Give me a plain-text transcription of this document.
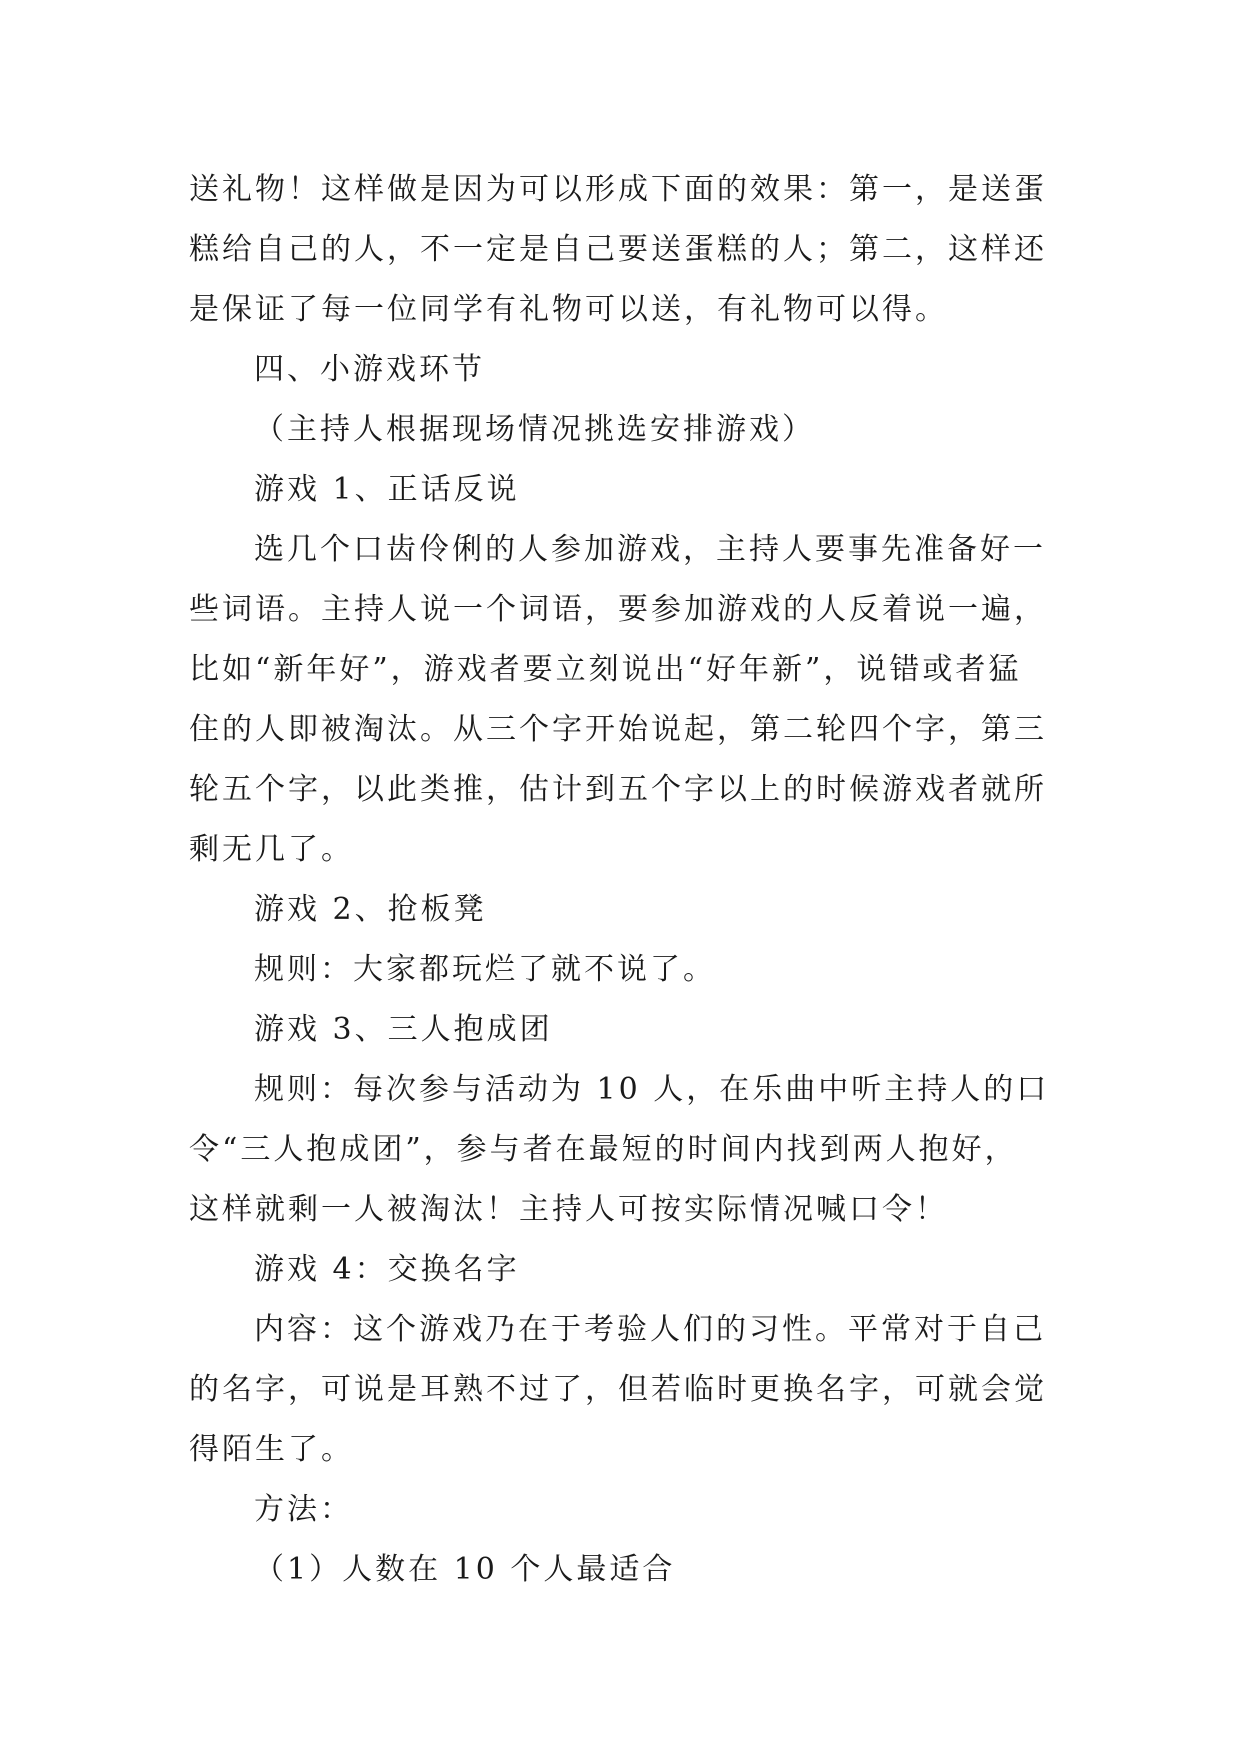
送礼物！这样做是因为可以形成下面的效果：第一，是送蛋
糕给自己的人，不一定是自己要送蛋糕的人；第二，这样还
是保证了每一位同学有礼物可以送，有礼物可以得。

四、小游戏环节

（主持人根据现场情况挑选安排游戏）

游戏 1、正话反说

选几个口齿伶俐的人参加游戏，主持人要事先准备好一
些词语。主持人说一个词语，要参加游戏的人反着说一遍，
比如“新年好”，游戏者要立刻说出“好年新”，说错或者猛
住的人即被淘汰。从三个字开始说起，第二轮四个字，第三
轮五个字，以此类推，估计到五个字以上的时候游戏者就所
剩无几了。

游戏 2、抢板凳

规则：大家都玩烂了就不说了。

游戏 3、三人抱成团

规则：每次参与活动为 10 人，在乐曲中听主持人的口
令“三人抱成团”，参与者在最短的时间内找到两人抱好，
这样就剩一人被淘汰！主持人可按实际情况喊口令！

游戏 4：交换名字

内容：这个游戏乃在于考验人们的习性。平常对于自己
的名字，可说是耳熟不过了，但若临时更换名字，可就会觉
得陌生了。

方法：

（1）人数在 10 个人最适合
